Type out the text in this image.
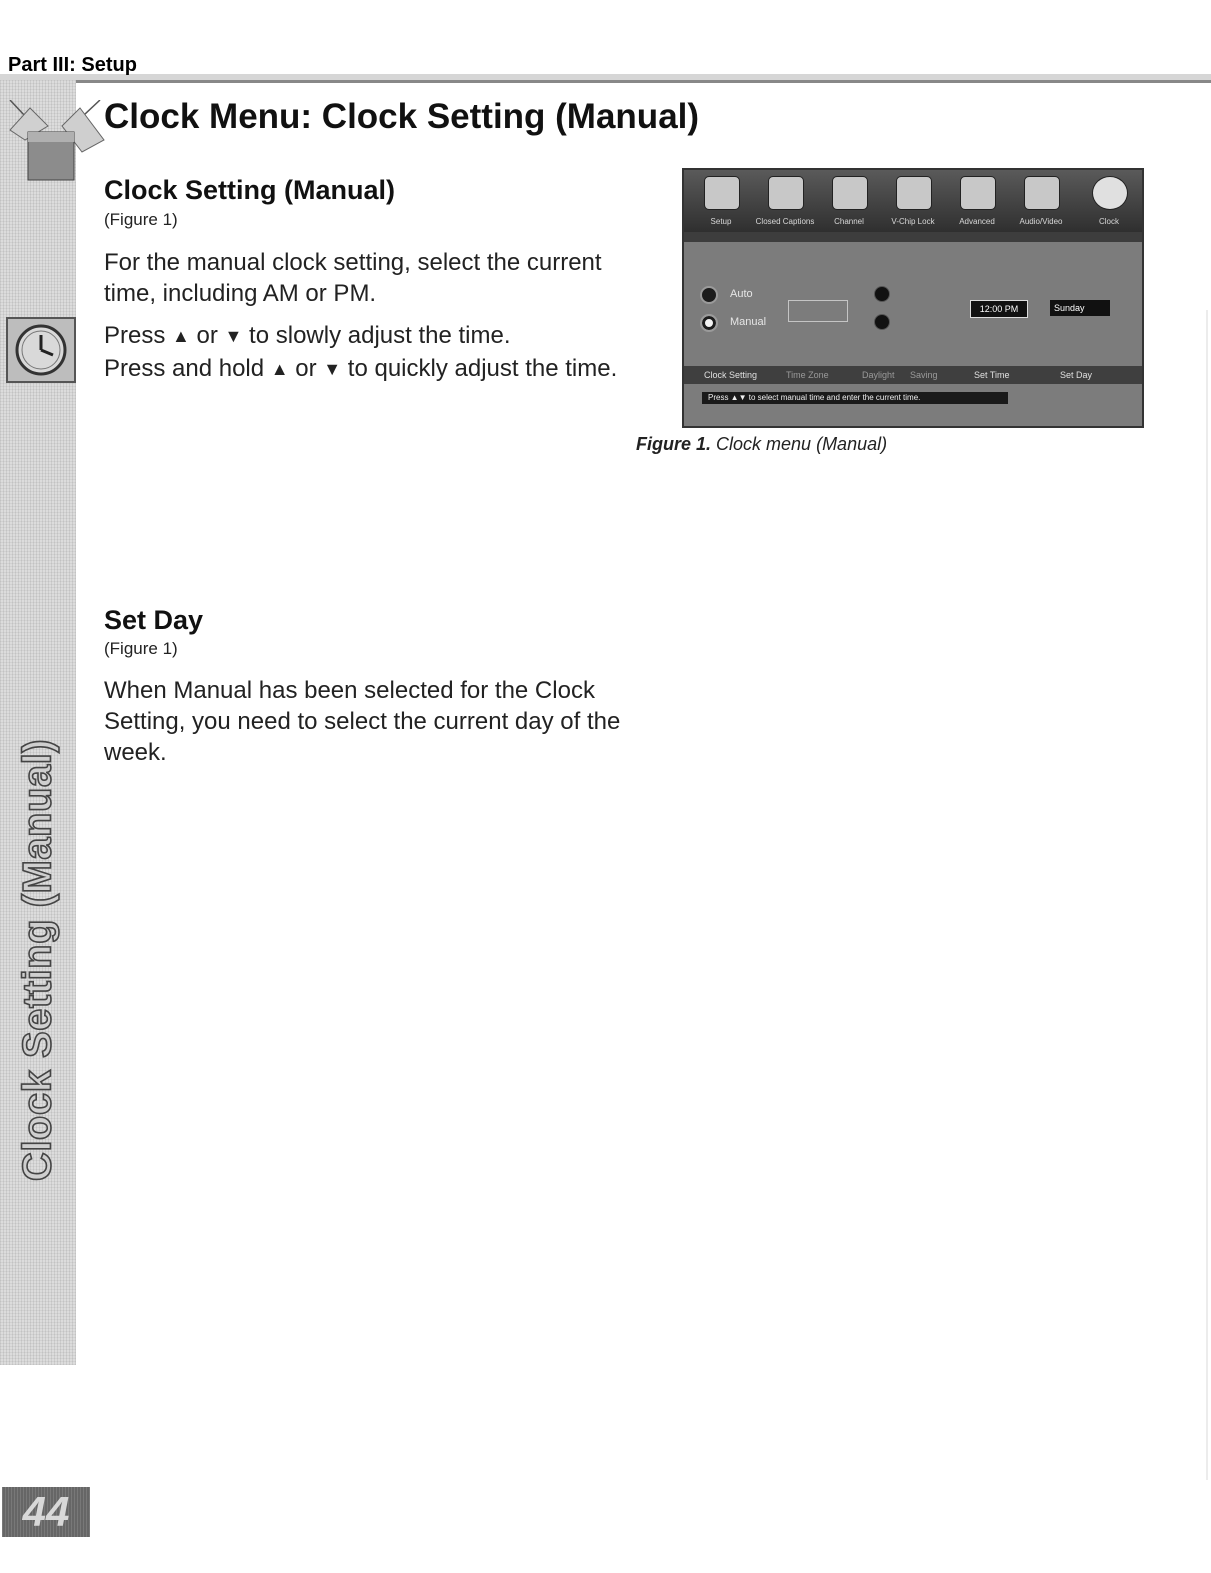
Part III: Setup
Clock Setting (Manual)
Clock Menu: Clock Setting (Manual)
Clock Setting (Manual)
(Figure 1)

For the manual clock setting, select the current time, including AM or PM.

Press ▲ or ▼ to slowly adjust the time.
Press and hold ▲ or ▼ to quickly adjust the time.

Setup	Closed Captions Channel	V-Chip Lock	Advanced	Audio/Video	Clock
Auto
Manual
12:00 PM	Sunday
Clock Setting	Time Zone	Daylight Saving	Set Time	Set Day
Press ▲▼ to select manual time and enter the current time.
Figure 1. Clock menu (Manual)
Set Day
(Figure 1)

When Manual has been selected for the Clock Setting, you need to select the current day of the week.

44
